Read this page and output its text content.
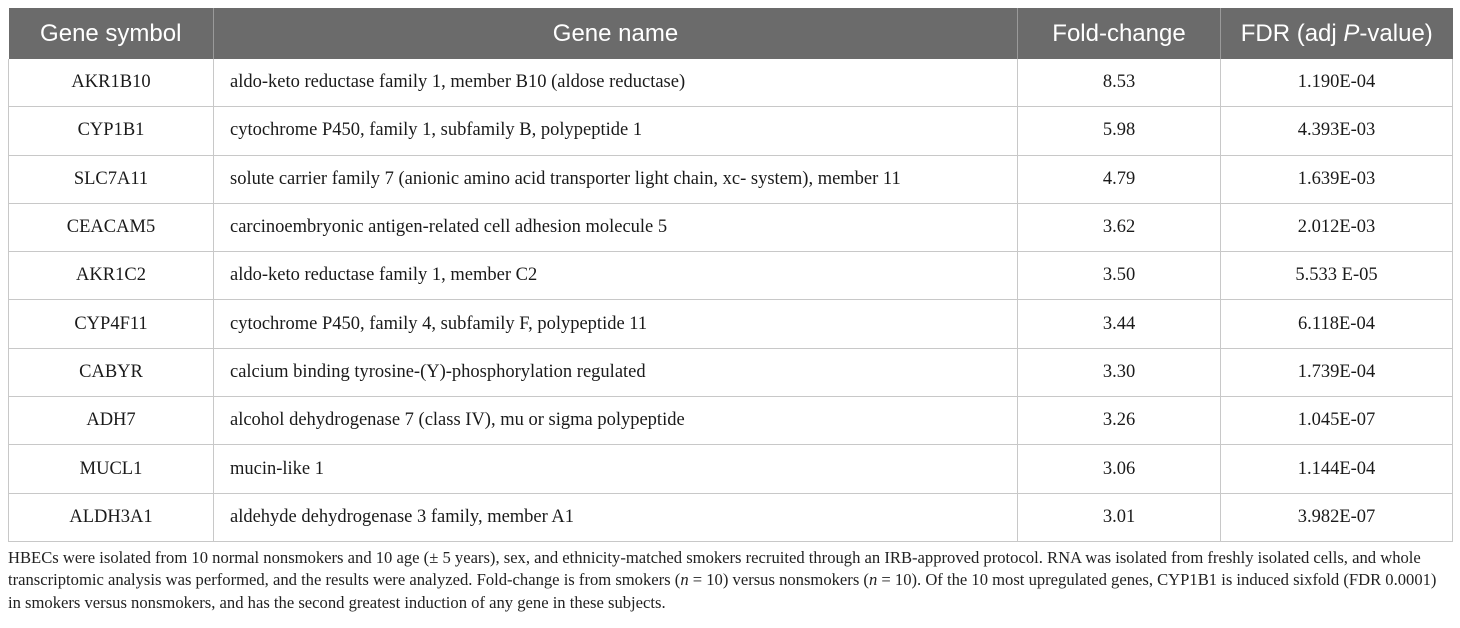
Gene symbol	Gene name	Fold-change	FDR (adj P-value)
AKR1B10	aldo-keto reductase family 1, member B10 (aldose reductase)	8.53	1.190E-04
CYP1B1	cytochrome P450, family 1, subfamily B, polypeptide 1	5.98	4.393E-03
SLC7A11	solute carrier family 7 (anionic amino acid transporter light chain, xc- system), member 11	4.79	1.639E-03
CEACAM5	carcinoembryonic antigen-related cell adhesion molecule 5	3.62	2.012E-03
AKR1C2	aldo-keto reductase family 1, member C2	3.50	5.533 E-05
CYP4F11	cytochrome P450, family 4, subfamily F, polypeptide 11	3.44	6.118E-04
CABYR	calcium binding tyrosine-(Y)-phosphorylation regulated	3.30	1.739E-04
ADH7	alcohol dehydrogenase 7 (class IV), mu or sigma polypeptide	3.26	1.045E-07
MUCL1	mucin-like 1	3.06	1.144E-04
ALDH3A1	aldehyde dehydrogenase 3 family, member A1	3.01	3.982E-07

HBECs were isolated from 10 normal nonsmokers and 10 age (± 5 years), sex, and ethnicity-matched smokers recruited through an IRB-approved protocol. RNA was isolated from freshly isolated cells, and whole transcriptomic analysis was performed, and the results were analyzed. Fold-change is from smokers (n = 10) versus nonsmokers (n = 10). Of the 10 most upregulated genes, CYP1B1 is induced sixfold (FDR 0.0001) in smokers versus nonsmokers, and has the second greatest induction of any gene in these subjects.
